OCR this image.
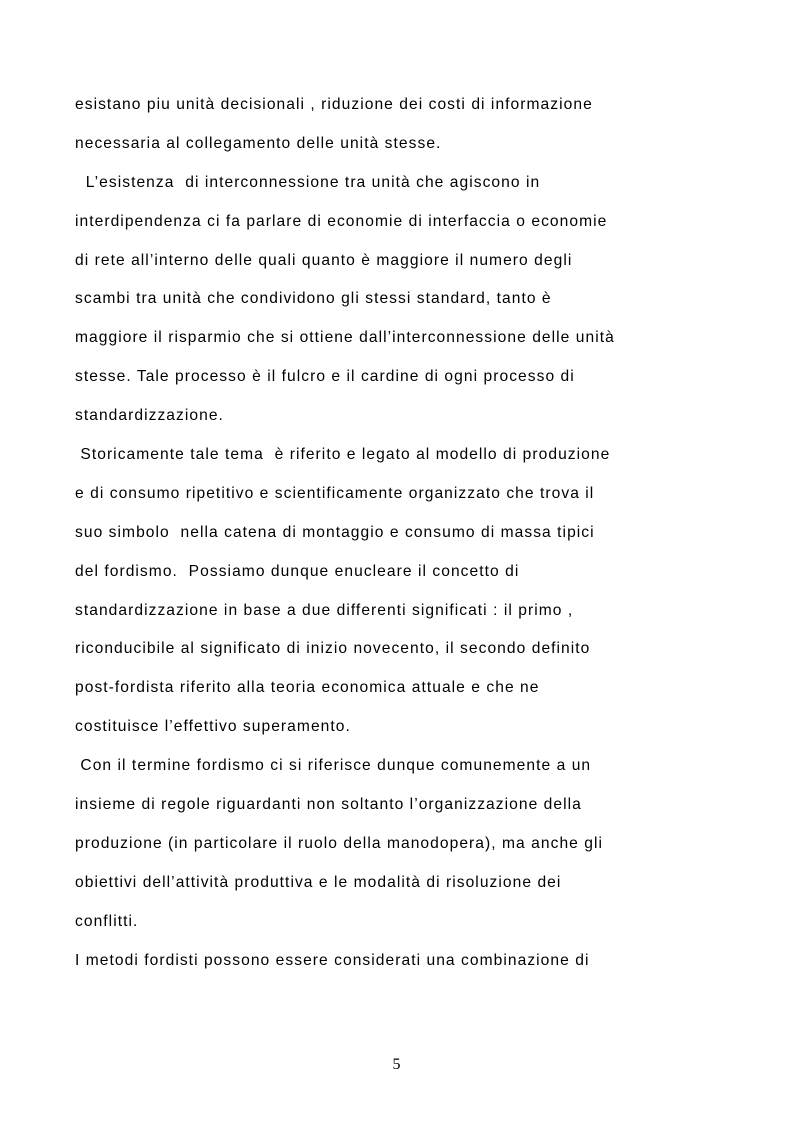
esistano piu unità decisionali , riduzione dei costi di informazione
necessaria al collegamento delle unità stesse.
L’esistenza  di interconnessione tra unità che agiscono in
interdipendenza ci fa parlare di economie di interfaccia o economie
di rete all’interno delle quali quanto è maggiore il numero degli
scambi tra unità che condividono gli stessi standard, tanto è
maggiore il risparmio che si ottiene dall’interconnessione delle unità
stesse. Tale processo è il fulcro e il cardine di ogni processo di
standardizzazione.
Storicamente tale tema  è riferito e legato al modello di produzione
e di consumo ripetitivo e scientificamente organizzato che trova il
suo simbolo  nella catena di montaggio e consumo di massa tipici
del fordismo.  Possiamo dunque enucleare il concetto di
standardizzazione in base a due differenti significati : il primo ,
riconducibile al significato di inizio novecento, il secondo definito
post-fordista riferito alla teoria economica attuale e che ne
costituisce l’effettivo superamento.
Con il termine fordismo ci si riferisce dunque comunemente a un
insieme di regole riguardanti non soltanto l’organizzazione della
produzione (in particolare il ruolo della manodopera), ma anche gli
obiettivi dell’attività produttiva e le modalità di risoluzione dei
conflitti.
I metodi fordisti possono essere considerati una combinazione di
5
